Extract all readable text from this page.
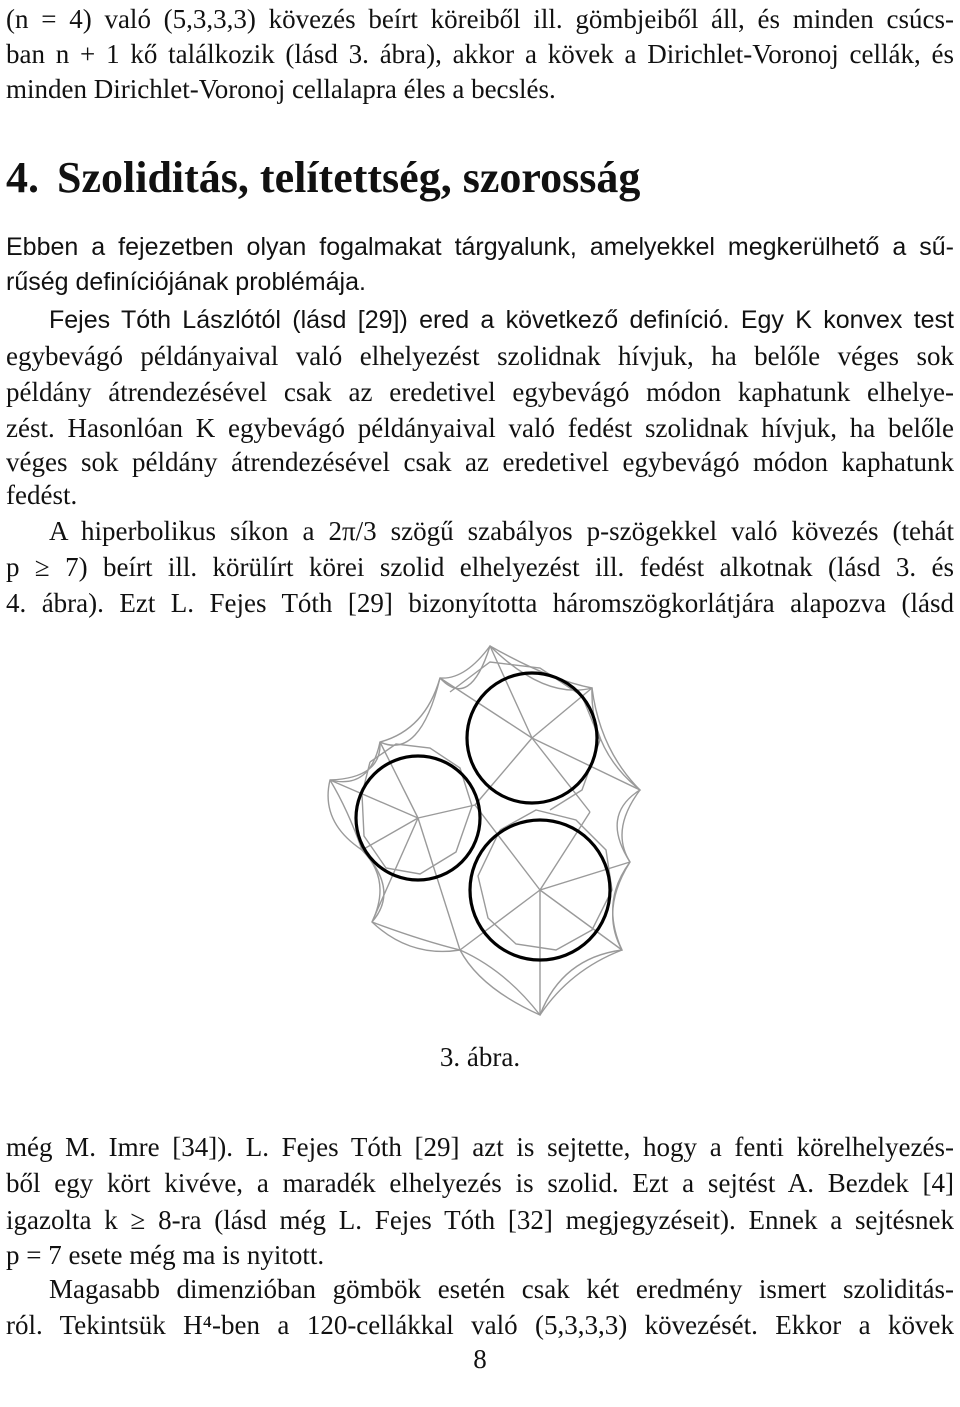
(n = 4) való (5,3,3,3) kövezés beírt köreiből ill. gömbjeiből áll, és minden csúcs-
ban n + 1 kő találkozik (lásd 3. ábra), akkor a kövek a Dirichlet-Voronoj cellák, és
minden Dirichlet-Voronoj cellalapra éles a becslés.
4. Szoliditás, telítettség, szorosság
Ebben a fejezetben olyan fogalmakat tárgyalunk, amelyekkel megkerülhető a sű-
rűség definíciójának problémája.
Fejes Tóth Lászlótól (lásd [29]) ered a következő definíció. Egy K konvex test
egybevágó példányaival való elhelyezést szolidnak hívjuk, ha belőle véges sok
példány átrendezésével csak az eredetivel egybevágó módon kaphatunk elhelye-
zést. Hasonlóan K egybevágó példányaival való fedést szolidnak hívjuk, ha belőle
véges sok példány átrendezésével csak az eredetivel egybevágó módon kaphatunk
fedést.
A hiperbolikus síkon a 2π/3 szögű szabályos p-szögekkel való kövezés (tehát
p ≥ 7) beírt ill. körülírt körei szolid elhelyezést ill. fedést alkotnak (lásd 3. és
4. ábra). Ezt L. Fejes Tóth [29] bizonyította háromszögkorlátjára alapozva (lásd
3. ábra.
még M. Imre [34]). L. Fejes Tóth [29] azt is sejtette, hogy a fenti körelhelyezés-
ből egy kört kivéve, a maradék elhelyezés is szolid. Ezt a sejtést A. Bezdek [4]
igazolta k ≥ 8-ra (lásd még L. Fejes Tóth [32] megjegyzéseit). Ennek a sejtésnek
p = 7 esete még ma is nyitott.
Magasabb dimenzióban gömbök esetén csak két eredmény ismert szoliditás-
ról. Tekintsük H⁴-ben a 120-cellákkal való (5,3,3,3) kövezését. Ekkor a kövek
8
